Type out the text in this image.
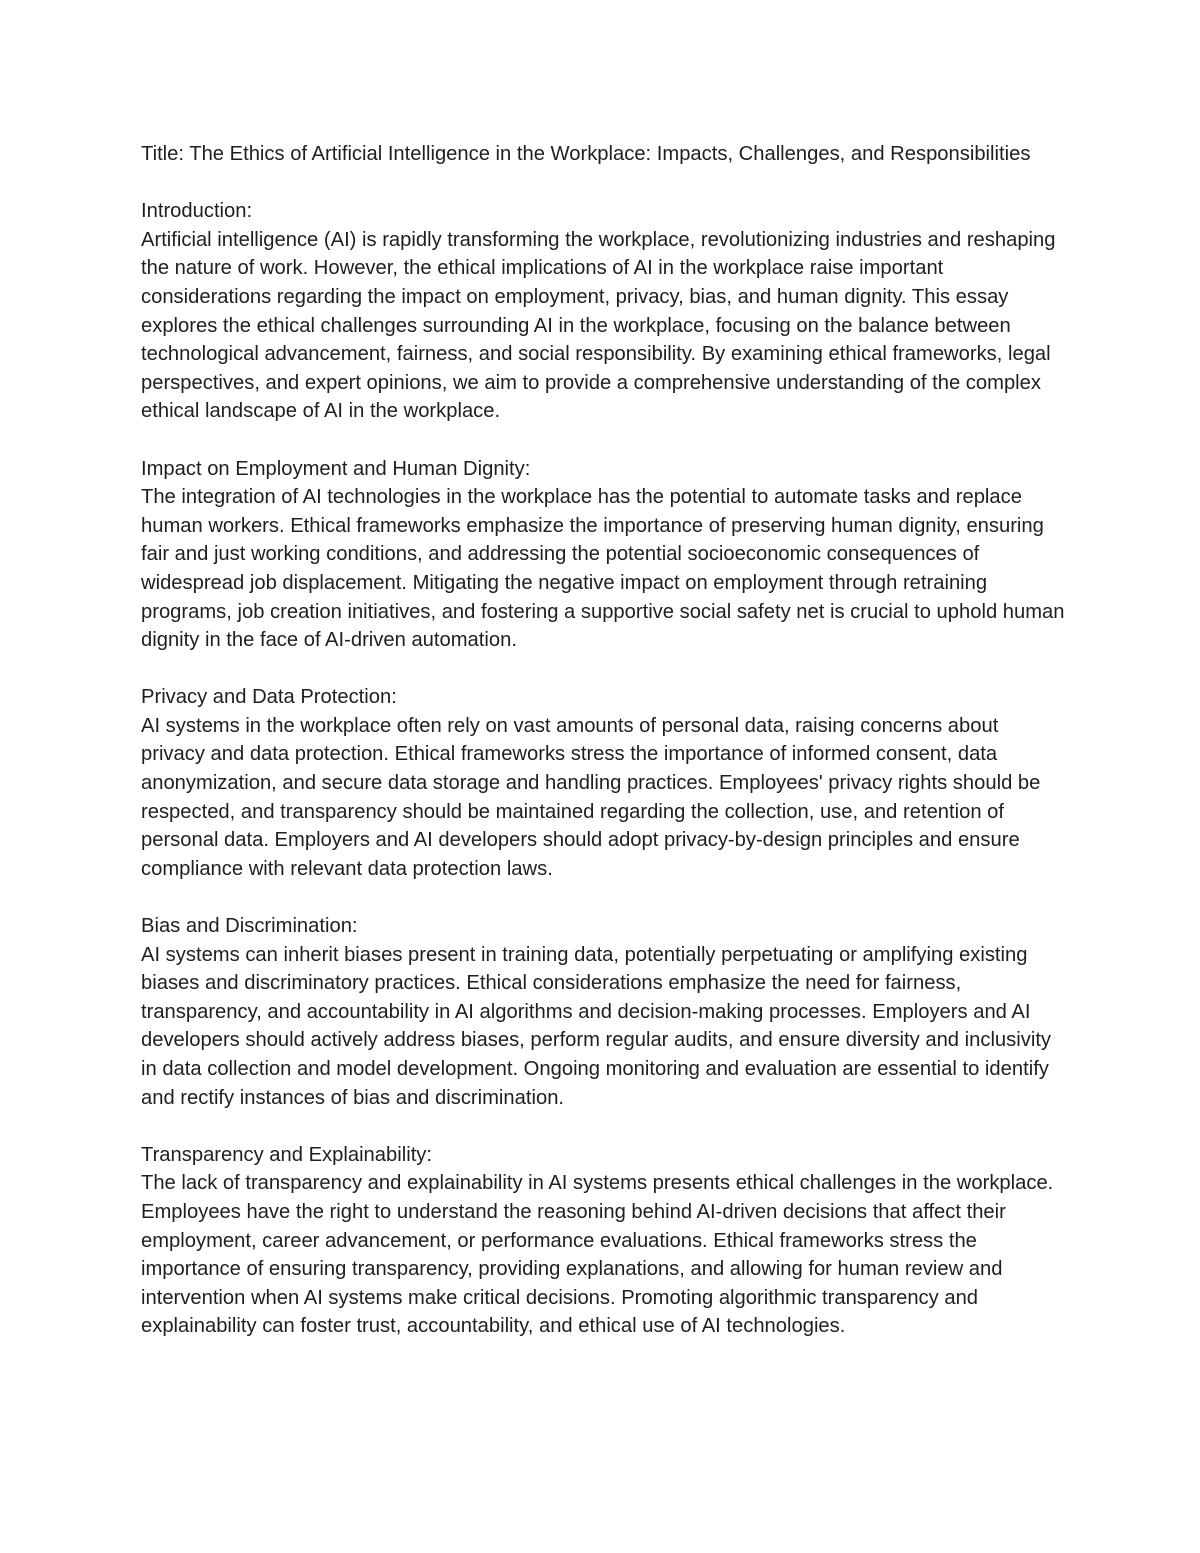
Title: The Ethics of Artificial Intelligence in the Workplace: Impacts, Challenges, and Responsibilities

Introduction:
Artificial intelligence (AI) is rapidly transforming the workplace, revolutionizing industries and reshaping the nature of work. However, the ethical implications of AI in the workplace raise important considerations regarding the impact on employment, privacy, bias, and human dignity. This essay explores the ethical challenges surrounding AI in the workplace, focusing on the balance between technological advancement, fairness, and social responsibility. By examining ethical frameworks, legal perspectives, and expert opinions, we aim to provide a comprehensive understanding of the complex ethical landscape of AI in the workplace.
Impact on Employment and Human Dignity:
The integration of AI technologies in the workplace has the potential to automate tasks and replace human workers. Ethical frameworks emphasize the importance of preserving human dignity, ensuring fair and just working conditions, and addressing the potential socioeconomic consequences of widespread job displacement. Mitigating the negative impact on employment through retraining programs, job creation initiatives, and fostering a supportive social safety net is crucial to uphold human dignity in the face of AI-driven automation.
Privacy and Data Protection:
AI systems in the workplace often rely on vast amounts of personal data, raising concerns about privacy and data protection. Ethical frameworks stress the importance of informed consent, data anonymization, and secure data storage and handling practices. Employees' privacy rights should be respected, and transparency should be maintained regarding the collection, use, and retention of personal data. Employers and AI developers should adopt privacy-by-design principles and ensure compliance with relevant data protection laws.
Bias and Discrimination:
AI systems can inherit biases present in training data, potentially perpetuating or amplifying existing biases and discriminatory practices. Ethical considerations emphasize the need for fairness, transparency, and accountability in AI algorithms and decision-making processes. Employers and AI developers should actively address biases, perform regular audits, and ensure diversity and inclusivity in data collection and model development. Ongoing monitoring and evaluation are essential to identify and rectify instances of bias and discrimination.
Transparency and Explainability:
The lack of transparency and explainability in AI systems presents ethical challenges in the workplace. Employees have the right to understand the reasoning behind AI-driven decisions that affect their employment, career advancement, or performance evaluations. Ethical frameworks stress the importance of ensuring transparency, providing explanations, and allowing for human review and intervention when AI systems make critical decisions. Promoting algorithmic transparency and explainability can foster trust, accountability, and ethical use of AI technologies.
